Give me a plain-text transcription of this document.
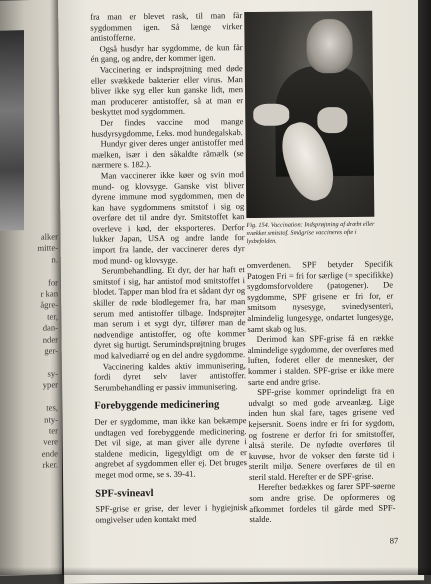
alker
mitte-
n.

for
r kan
ågre-
ter,
dan-
nder
ger-

sy-
yper

tes,
nty-
ter
vere
ende
rker.

fra man er blevet rask, til man får sygdommen igen. Så længe virker antistofferne.

Også husdyr har sygdomme, de kun får én gang, og andre, der kommer igen.

Vaccinering er indsprøjtning med døde eller svækkede bakterier eller virus. Man bliver ikke syg eller kun ganske lidt, men man producerer antistoffer, så at man er beskyttet mod sygdommen.

Der findes vaccine mod mange husdyrsygdomme, f.eks. mod hundegalskab.

Hundyr giver deres unger antistoffer med mælken, især i den såkaldte råmælk (se nærmere s. 182.).

Man vaccinerer ikke køer og svin mod mund- og klovsyge. Ganske vist bliver dyrene immune mod sygdommen, men de kan have sygdommens smitstof i sig og overføre det til andre dyr. Smitstoffet kan overleve i kød, der eksporteres. Derfor lukker Japan, USA og andre lande for import fra lande, der vaccinerer deres dyr mod mund- og klovsyge.

Serumbehandling. Et dyr, der har haft et smitstof i sig, har antistof mod smitstoffet i blodet. Tapper man blod fra et sådant dyr og skiller de røde blodlegemer fra, har man serum med antistoffer tilbage. Indsprøjter man serum i et sygt dyr, tilfører man de nødvendige antistoffer, og ofte kommer dyret sig hurtigt. Serumindsprøjtning bruges mod kalvediarré og en del andre sygdomme.

Vaccinering kaldes aktiv immunisering, fordi dyret selv laver antistoffer. Serumbehandling er passiv immunisering.

Forebyggende medicinering

Der er sygdomme, man ikke kan bekæmpe undtagen ved forebyggende medicinering. Det vil sige, at man giver alle dyrene i staldene medicin, ligegyldigt om de er angrebet af sygdommen eller ej. Det bruges meget mod orme, se s. 39-41.

SPF-svineavl

SPF-grise er grise, der lever i hygiejnisk omgivelser uden kontakt med

Fig. 154. Vaccination: Indsprøjtning af dræbt eller svækket smitstof. Smågrise vaccineres ofte i lysbefolden.

omverdenen. SPF betyder Specifik Patogen Fri = fri for særlige (= specifikke) sygdomsforvoldere (patogener). De sygdomme, SPF grisene er fri for, er smitsom nysesyge, svinedysenteri, almindelig lungesyge, ondartet lungesyge, samt skab og lus.

Derimod kan SPF-grise få en række almindelige sygdomme, der overføres med luften, foderet eller de mennesker, der kommer i stalden. SPF-grise er ikke mere sarte end andre grise.

SPF-grise kommer oprindeligt fra en udvalgt so med gode arveanlæg. Lige inden hun skal fare, tages grisene ved kejsersnit. Soens indre er fri for sygdom, og fostrene er derfor fri for smitstoffer, altså sterile. De nyfødte overføres til kuvøse, hvor de vokser den første tid i sterilt miljø. Senere overføres de til en steril stald. Herefter er de SPF-grise.

Herefter bedækkes og farer SPF-søerne som andre grise. De opformeres og afkommet fordeles til gårde med SPF-stalde.

87
